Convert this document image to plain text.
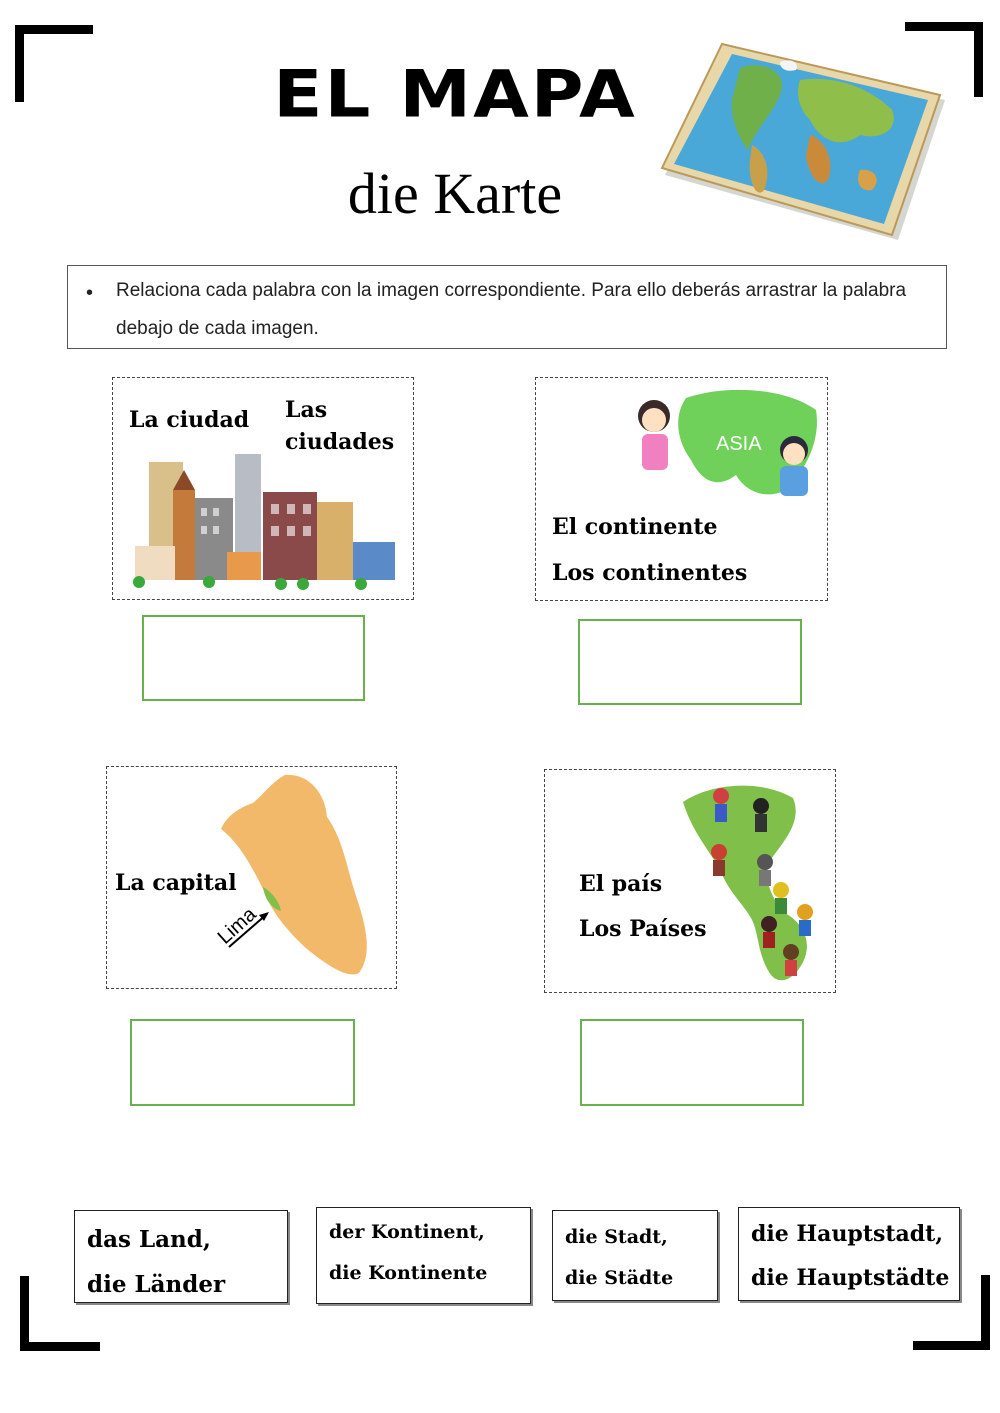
EL MAPA
die Karte
• Relaciona cada palabra con la imagen correspondiente. Para ello deberás arrastrar la palabra debajo de cada imagen.
La ciudad Las ciudades	ASIA
El continente
Los continentes
Lima
La capital	El país
Los Países
das Land,
die Länder
der Kontinent,
die Kontinente
die Stadt,
die Städte
die Hauptstadt,
die Hauptstädte
